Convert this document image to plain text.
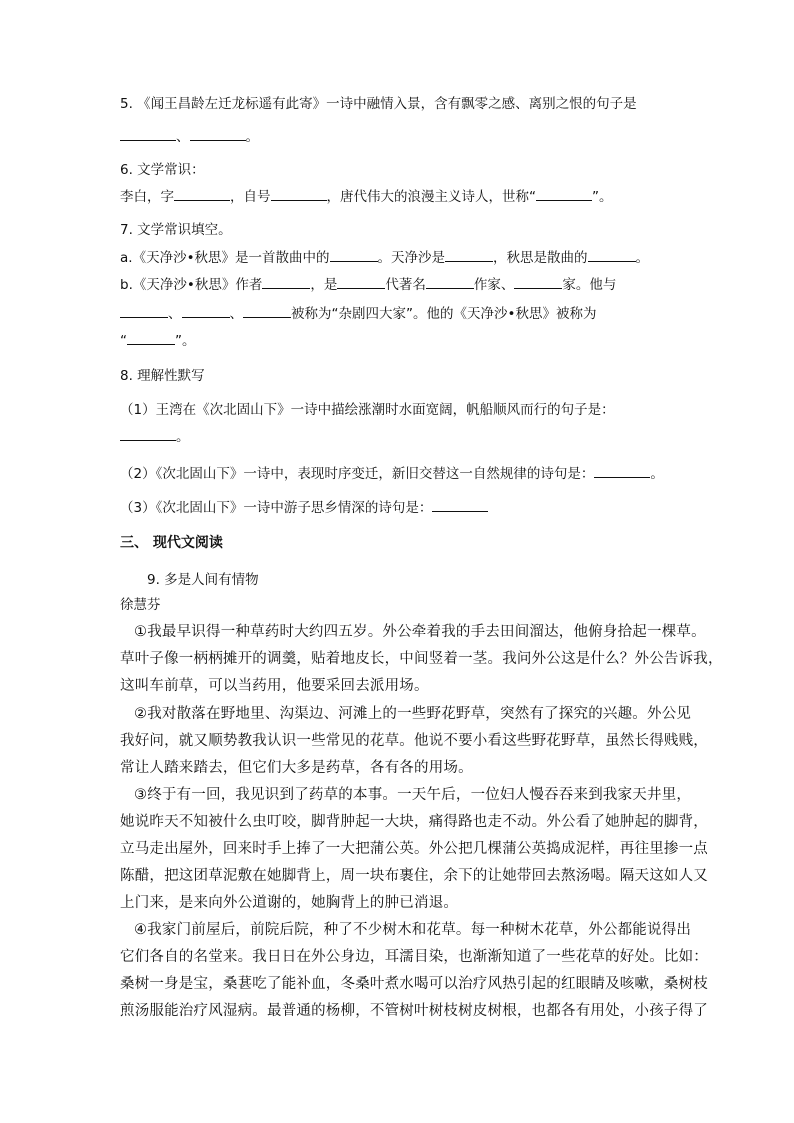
5. 《闻王昌龄左迁龙标遥有此寄》一诗中融情入景，含有飘零之感、离别之恨的句子是
、	。
6. 文学常识：
李白，字	，自号	，唐代伟大的浪漫主义诗人，世称“	”。
7. 文学常识填空。
a.《天净沙•秋思》是一首散曲中的	。天净沙是	，秋思是散曲的	。
b.《天净沙•秋思》作者	，是	代著名	作家、	家。他与
、	、	被称为“杂剧四大家”。他的《天净沙•秋思》被称为
“	”。
8. 理解性默写
（1）王湾在《次北固山下》一诗中描绘涨潮时水面宽阔，帆船顺风而行的句子是：
。
（2）《次北固山下》一诗中，表现时序变迁，新旧交替这一自然规律的诗句是：	。
（3）《次北固山下》一诗中游子思乡情深的诗句是：
三、 现代文阅读
9. 多是人间有情物
徐慧芬
①我最早识得一种草药时大约四五岁。外公牵着我的手去田间溜达，他俯身拾起一棵草。
草叶子像一柄柄摊开的调羹，贴着地皮长，中间竖着一茎。我问外公这是什么？外公告诉我，
这叫车前草，可以当药用，他要采回去派用场。
②我对散落在野地里、沟渠边、河滩上的一些野花野草，突然有了探究的兴趣。外公见
我好问，就又顺势教我认识一些常见的花草。他说不要小看这些野花野草，虽然长得贱贱，
常让人踏来踏去，但它们大多是药草，各有各的用场。
③终于有一回，我见识到了药草的本事。一天午后，一位妇人慢吞吞来到我家天井里，
她说昨天不知被什么虫叮咬，脚背肿起一大块，痛得路也走不动。外公看了她肿起的脚背，
立马走出屋外，回来时手上捧了一大把蒲公英。外公把几棵蒲公英捣成泥样，再往里掺一点
陈醋，把这团草泥敷在她脚背上，周一块布裹住，余下的让她带回去熬汤喝。隔天这如人又
上门来，是来向外公道谢的，她胸背上的肿已消退。
④我家门前屋后，前院后院，种了不少树木和花草。每一种树木花草，外公都能说得出
它们各自的名堂来。我日日在外公身边，耳濡目染，也渐渐知道了一些花草的好处。比如：
桑树一身是宝，桑葚吃了能补血，冬桑叶煮水喝可以治疗风热引起的红眼睛及咳嗽，桑树枝
煎汤服能治疗风湿病。最普通的杨柳，不管树叶树枝树皮树根，也都各有用处，小孩子得了
